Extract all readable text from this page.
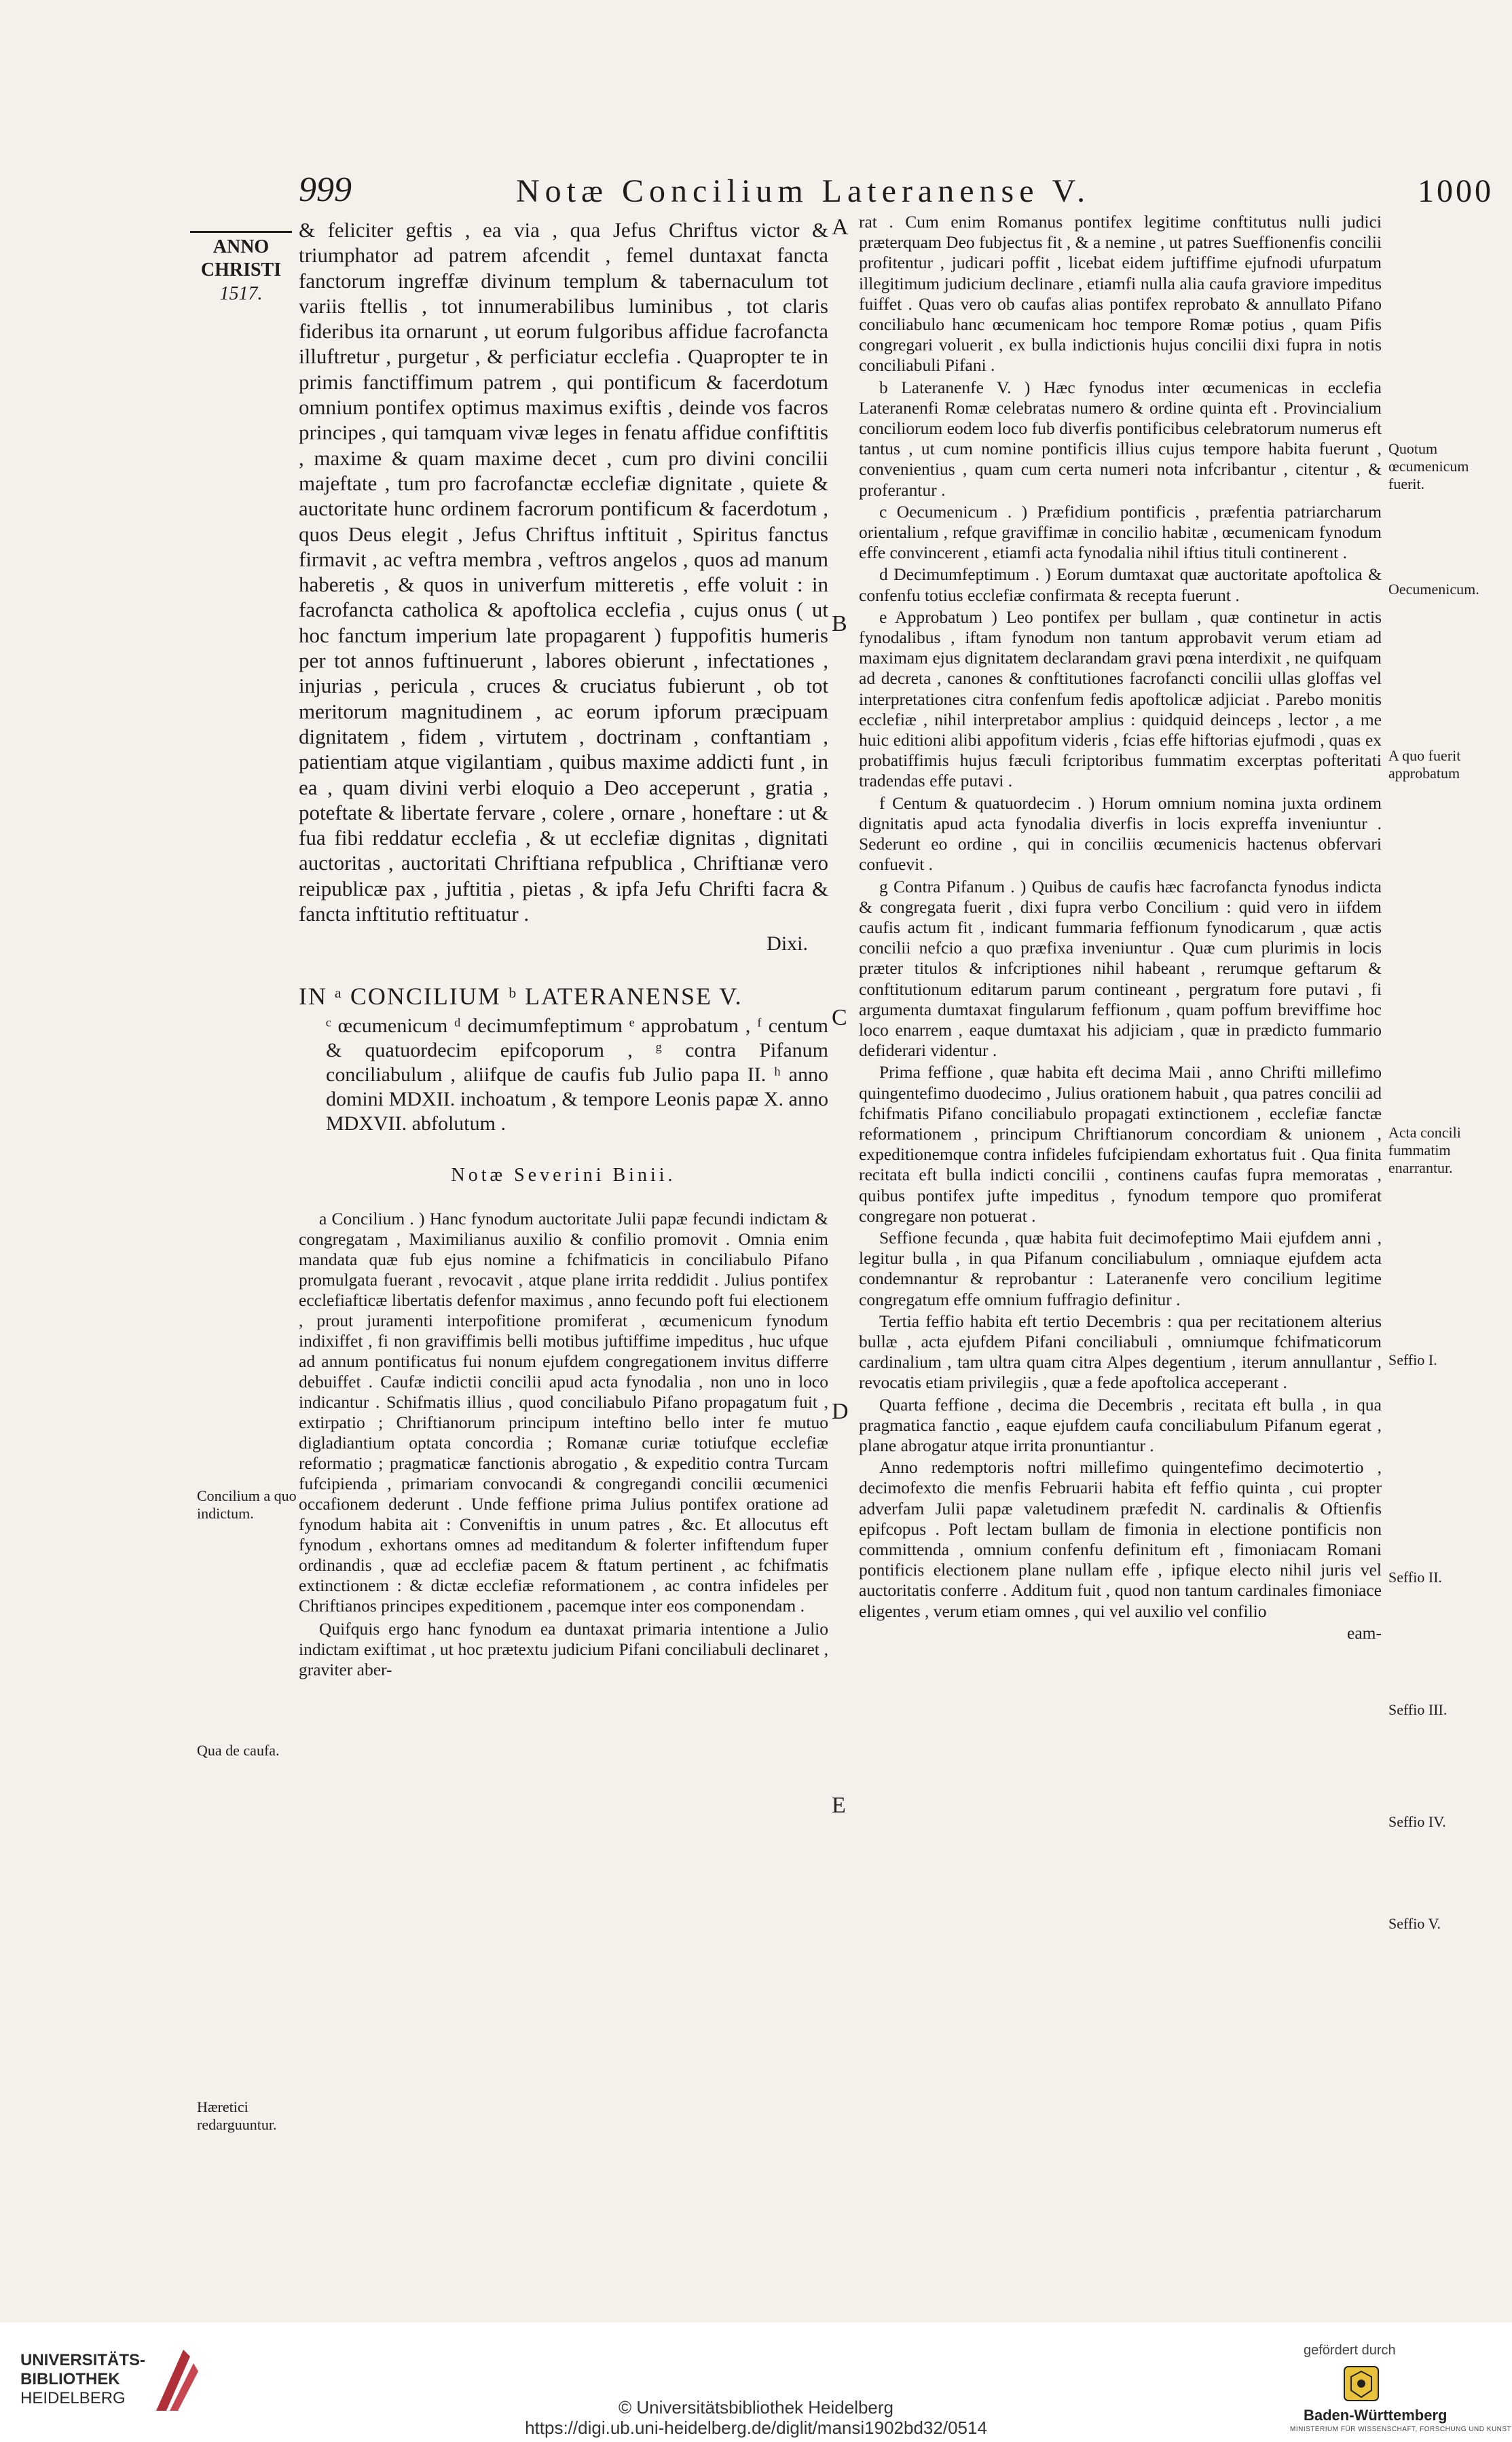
999	Notæ Concilium Lateranense V.	1000
ANNO
CHRISTI
1517.

& feliciter geftis , ea via , qua Jefus Chriftus victor & triumphator ad patrem afcendit , femel duntaxat fancta fanctorum ingreffæ divinum templum & tabernaculum tot variis ftellis , tot innumerabilibus luminibus , tot claris fideribus ita ornarunt , ut eorum fulgoribus affidue facrofancta illuftretur , purgetur , & perficiatur ecclefia . Quapropter te in primis fanctiffimum patrem , qui pontificum & facerdotum omnium pontifex optimus maximus exiftis , deinde vos facros principes , qui tamquam vivæ leges in fenatu affidue confiftitis , maxime & quam maxime decet , cum pro divini concilii majeftate , tum pro facrofanctæ ecclefiæ dignitate , quiete & auctoritate hunc ordinem facrorum pontificum & facerdotum , quos Deus elegit , Jefus Chriftus inftituit , Spiritus fanctus firmavit , ac veftra membra , veftros angelos , quos ad manum haberetis , & quos in univerfum mitteretis , effe voluit : in facrofancta catholica & apoftolica ecclefia , cujus onus ( ut hoc fanctum imperium late propagarent ) fuppofitis humeris per tot annos fuftinuerunt , labores obierunt , infectationes , injurias , pericula , cruces & cruciatus fubierunt , ob tot meritorum magnitudinem , ac eorum ipforum præcipuam dignitatem , fidem , virtutem , doctrinam , conftantiam , patientiam atque vigilantiam , quibus maxime addicti funt , in ea , quam divini verbi eloquio a Deo acceperunt , gratia , poteftate & libertate fervare , colere , ornare , honeftare : ut & fua fibi reddatur ecclefia , & ut ecclefiæ dignitas , dignitati auctoritas , auctoritati Chriftiana refpublica , Chriftianæ vero reipublicæ pax , juftitia , pietas , & ipfa Jefu Chrifti facra & fancta inftitutio reftituatur .

Dixi.

IN ᵃ CONCILIUM ᵇ LATERANENSE V.

ᶜ œcumenicum ᵈ decimumfeptimum ᵉ approbatum , ᶠ centum & quatuordecim epifcoporum , ᵍ contra Pifanum conciliabulum , aliifque de caufis fub Julio papa II. ʰ anno domini MDXII. inchoatum , & tempore Leonis papæ X. anno MDXVII. abfolutum .

Notæ Severini Binii.

a Concilium . ) Hanc fynodum auctoritate Julii papæ fecundi indictam & congregatam , Maximilianus auxilio & confilio promovit . Omnia enim mandata quæ fub ejus nomine a fchifmaticis in conciliabulo Pifano promulgata fuerant , revocavit , atque plane irrita reddidit . Julius pontifex ecclefiafticæ libertatis defenfor maximus , anno fecundo poft fui electionem , prout juramenti interpofitione promiferat , œcumenicum fynodum indixiffet , fi non graviffimis belli motibus juftiffime impeditus , huc ufque ad annum pontificatus fui nonum ejufdem congregationem invitus differre debuiffet . Caufæ indictii concilii apud acta fynodalia , non uno in loco indicantur . Schifmatis illius , quod conciliabulo Pifano propagatum fuit , extirpatio ; Chriftianorum principum inteftino bello inter fe mutuo digladiantium optata concordia ; Romanæ curiæ totiufque ecclefiæ reformatio ; pragmaticæ fanctionis abrogatio , & expeditio contra Turcam fufcipienda , primariam convocandi & congregandi concilii œcumenici occafionem dederunt . Unde feffione prima Julius pontifex oratione ad fynodum habita ait : Conveniftis in unum patres , &c. Et allocutus eft fynodum , exhortans omnes ad meditandum & folerter infiftendum fuper ordinandis , quæ ad ecclefiæ pacem & ftatum pertinent , ac fchifmatis extinctionem : & dictæ ecclefiæ reformationem , ac contra infideles per Chriftianos principes expeditionem , pacemque inter eos componendam .

Quifquis ergo hanc fynodum ea duntaxat primaria intentione a Julio indictam exiftimat , ut hoc prætextu judicium Pifani conciliabuli declinaret , graviter aber-

A
B
C
D
E
Concilium a quo indictum.
Qua de caufa.
Hæretici redarguuntur.

rat . Cum enim Romanus pontifex legitime conftitutus nulli judici præterquam Deo fubjectus fit , & a nemine , ut patres Sueffionenfis concilii profitentur , judicari poffit , licebat eidem juftiffime ejufnodi ufurpatum illegitimum judicium declinare , etiamfi nulla alia caufa graviore impeditus fuiffet . Quas vero ob caufas alias pontifex reprobato & annullato Pifano conciliabulo hanc œcumenicam hoc tempore Romæ potius , quam Pifis congregari voluerit , ex bulla indictionis hujus concilii dixi fupra in notis conciliabuli Pifani .

b Lateranenfe V. ) Hæc fynodus inter œcumenicas in ecclefia Lateranenfi Romæ celebratas numero & ordine quinta eft . Provincialium conciliorum eodem loco fub diverfis pontificibus celebratorum numerus eft tantus , ut cum nomine pontificis illius cujus tempore habita fuerunt , convenientius , quam cum certa numeri nota infcribantur , citentur , & proferantur .

c Oecumenicum . ) Præfidium pontificis , præfentia patriarcharum orientalium , refque graviffimæ in concilio habitæ , œcumenicam fynodum effe convincerent , etiamfi acta fynodalia nihil iftius tituli continerent .

d Decimumfeptimum . ) Eorum dumtaxat quæ auctoritate apoftolica & confenfu totius ecclefiæ confirmata & recepta fuerunt .

e Approbatum ) Leo pontifex per bullam , quæ continetur in actis fynodalibus , iftam fynodum non tantum approbavit verum etiam ad maximam ejus dignitatem declarandam gravi pœna interdixit , ne quifquam ad decreta , canones & conftitutiones facrofancti concilii ullas gloffas vel interpretationes citra confenfum fedis apoftolicæ adjiciat . Parebo monitis ecclefiæ , nihil interpretabor amplius : quidquid deinceps , lector , a me huic editioni alibi appofitum videris , fcias effe hiftorias ejufmodi , quas ex probatiffimis hujus fæculi fcriptoribus fummatim excerptas pofteritati tradendas effe putavi .

f Centum & quatuordecim . ) Horum omnium nomina juxta ordinem dignitatis apud acta fynodalia diverfis in locis expreffa inveniuntur . Sederunt eo ordine , qui in conciliis œcumenicis hactenus obfervari confuevit .

g Contra Pifanum . ) Quibus de caufis hæc facrofancta fynodus indicta & congregata fuerit , dixi fupra verbo Concilium : quid vero in iifdem caufis actum fit , indicant fummaria feffionum fynodicarum , quæ actis concilii nefcio a quo præfixa inveniuntur . Quæ cum plurimis in locis præter titulos & infcriptiones nihil habeant , rerumque geftarum & conftitutionum editarum parum contineant , pergratum fore putavi , fi argumenta dumtaxat fingularum feffionum , quam poffum breviffime hoc loco enarrem , eaque dumtaxat his adjiciam , quæ in prædicto fummario defiderari videntur .

Prima feffione , quæ habita eft decima Maii , anno Chrifti millefimo quingentefimo duodecimo , Julius orationem habuit , qua patres concilii ad fchifmatis Pifano conciliabulo propagati extinctionem , ecclefiæ fanctæ reformationem , principum Chriftianorum concordiam & unionem , expeditionemque contra infideles fufcipiendam exhortatus fuit . Qua finita recitata eft bulla indicti concilii , continens caufas fupra memoratas , quibus pontifex jufte impeditus , fynodum tempore quo promiferat congregare non potuerat .

Seffione fecunda , quæ habita fuit decimofeptimo Maii ejufdem anni , legitur bulla , in qua Pifanum conciliabulum , omniaque ejufdem acta condemnantur & reprobantur : Lateranenfe vero concilium legitime congregatum effe omnium fuffragio definitur .

Tertia feffio habita eft tertio Decembris : qua per recitationem alterius bullæ , acta ejufdem Pifani conciliabuli , omniumque fchifmaticorum cardinalium , tam ultra quam citra Alpes degentium , iterum annullantur , revocatis etiam privilegiis , quæ a fede apoftolica acceperant .

Quarta feffione , decima die Decembris , recitata eft bulla , in qua pragmatica fanctio , eaque ejufdem caufa conciliabulum Pifanum egerat , plane abrogatur atque irrita pronuntiantur .

Anno redemptoris noftri millefimo quingentefimo decimotertio , decimofexto die menfis Februarii habita eft feffio quinta , cui propter adverfam Julii papæ valetudinem præfedit N. cardinalis & Oftienfis epifcopus . Poft lectam bullam de fimonia in electione pontificis non committenda , omnium confenfu definitum eft , fimoniacam Romani pontificis electionem plane nullam effe , ipfique electo nihil juris vel auctoritatis conferre . Additum fuit , quod non tantum cardinales fimoniace eligentes , verum etiam omnes , qui vel auxilio vel confilio

eam-

Quotum œcumenicum fuerit.
Oecumenicum.
A quo fuerit approbatum
Acta concili fummatim enarrantur.
Seffio I.
Seffio II.
Seffio III.
Seffio IV.
Seffio V.
UNIVERSITÄTS-
BIBLIOTHEK
HEIDELBERG	© Universitätsbibliothek Heidelberg
https://digi.ub.uni-heidelberg.de/diglit/mansi1902bd32/0514
gefördert durch
Baden-Württemberg
MINISTERIUM FÜR WISSENSCHAFT, FORSCHUNG UND KUNST
